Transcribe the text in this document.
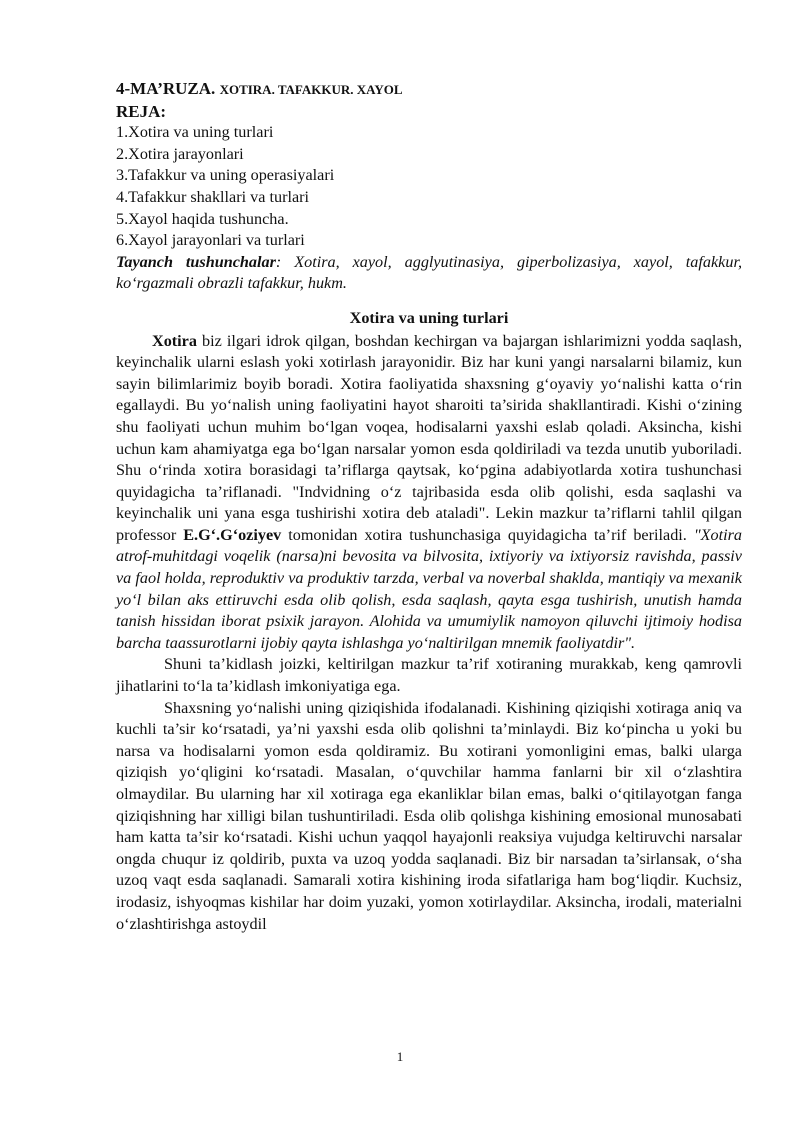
4-MA’RUZA. XOTIRA. TAFAKKUR. XAYOL
REJA:
1.Xotira va uning turlari
2.Xotira jarayonlari
3.Tafakkur va uning operasiyalari
4.Tafakkur shakllari va turlari
5.Xayol haqida tushuncha.
6.Xayol jarayonlari va turlari

Tayanch tushunchalar: Xotira, xayol, agglyutinasiya, giperbolizasiya, xayol, tafakkur, ko‘rgazmali obrazli tafakkur, hukm.

Xotira va uning turlari

Xotira biz ilgari idrok qilgan, boshdan kechirgan va bajargan ishlarimizni yodda saqlash, keyinchalik ularni eslash yoki xotirlash jarayonidir. Biz har kuni yangi narsalarni bilamiz, kun sayin bilimlarimiz boyib boradi. Xotira faoliyatida shaxsning g‘oyaviy yo‘nalishi katta o‘rin egallaydi. Bu yo‘nalish uning faoliyatini hayot sharoiti ta’sirida shakllantiradi. Kishi o‘zining shu faoliyati uchun muhim bo‘lgan voqea, hodisalarni yaxshi eslab qoladi. Aksincha, kishi uchun kam ahamiyatga ega bo‘lgan narsalar yomon esda qoldiriladi va tezda unutib yuboriladi. Shu o‘rinda xotira borasidagi ta’riflarga qaytsak, ko‘pgina adabiyotlarda xotira tushunchasi quyidagicha ta’riflanadi. "Indvidning o‘z tajribasida esda olib qolishi, esda saqlashi va keyinchalik uni yana esga tushirishi xotira deb ataladi". Lekin mazkur ta’riflarni tahlil qilgan professor E.G‘.G‘oziyev tomonidan xotira tushunchasiga quyidagicha ta’rif beriladi. "Xotira atrof-muhitdagi voqelik (narsa)ni bevosita va bilvosita, ixtiyoriy va ixtiyorsiz ravishda, passiv va faol holda, reproduktiv va produktiv tarzda, verbal va noverbal shaklda, mantiqiy va mexanik yo‘l bilan aks ettiruvchi esda olib qolish, esda saqlash, qayta esga tushirish, unutish hamda tanish hissidan iborat psixik jarayon. Alohida va umumiylik namoyon qiluvchi ijtimoiy hodisa barcha taassurotlarni ijobiy qayta ishlashga yo‘naltirilgan mnemik faoliyatdir".

Shuni ta’kidlash joizki, keltirilgan mazkur ta’rif xotiraning murakkab, keng qamrovli jihatlarini to‘la ta’kidlash imkoniyatiga ega.

Shaxsning yo‘nalishi uning qiziqishida ifodalanadi. Kishining qiziqishi xotiraga aniq va kuchli ta’sir ko‘rsatadi, ya’ni yaxshi esda olib qolishni ta’minlaydi. Biz ko‘pincha u yoki bu narsa va hodisalarni yomon esda qoldiramiz. Bu xotirani yomonligini emas, balki ularga qiziqish yo‘qligini ko‘rsatadi. Masalan, o‘quvchilar hamma fanlarni bir xil o‘zlashtira olmaydilar. Bu ularning har xil xotiraga ega ekanliklar bilan emas, balki o‘qitilayotgan fanga qiziqishning har xilligi bilan tushuntiriladi. Esda olib qolishga kishining emosional munosabati ham katta ta’sir ko‘rsatadi. Kishi uchun yaqqol hayajonli reaksiya vujudga keltiruvchi narsalar ongda chuqur iz qoldirib, puxta va uzoq yodda saqlanadi. Biz bir narsadan ta’sirlansak, o‘sha uzoq vaqt esda saqlanadi. Samarali xotira kishining iroda sifatlariga ham bog‘liqdir. Kuchsiz, irodasiz, ishyoqmas kishilar har doim yuzaki, yomon xotirlaydilar. Aksincha, irodali, materialni o‘zlashtirishga astoydil

1
